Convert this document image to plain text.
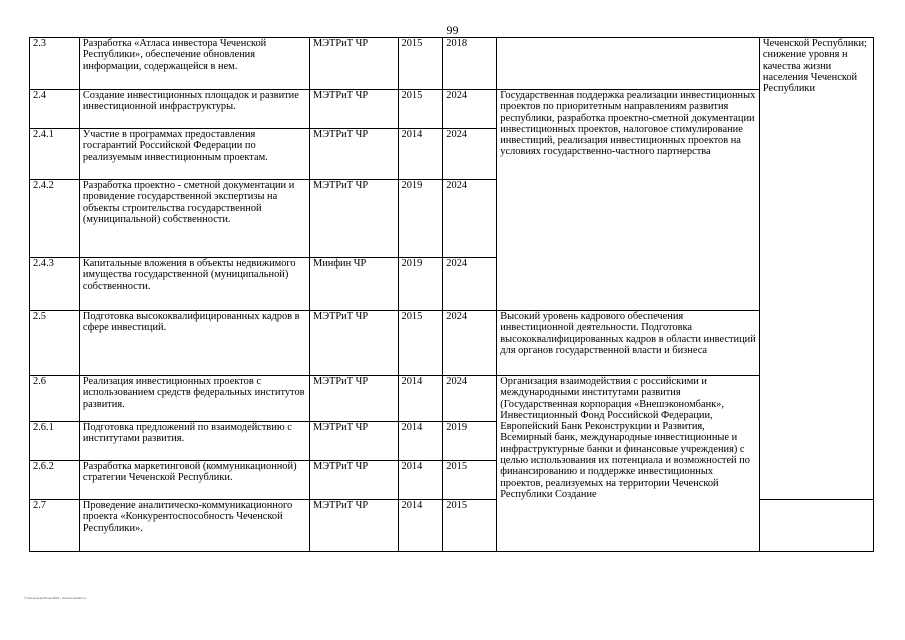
99
2.3	Разработка «Атласа инвестора Чеченской Республики», обеспечение обновления информации, содержащейся в нем.	МЭТРиТ ЧР	2015	2018		Чеченской Республики; снижение уровня н качества жизни населения Чеченской Республики
2.4	Создание инвестиционных площадок и развитие инвестиционной инфраструктуры.	МЭТРиТ ЧР	2015	2024	Государственная поддержка реализации инвестиционных проектов по приоритетным направлениям развития республики, разработка проектно-сметной документации инвестиционных проектов, налоговое стимулирование инвестиций, реализация инвестиционных проектов на условиях государственно-частного партнерства	
2.4.1	Участие в программах предоставления госгарантий Российской Федерации по реализуемым инвестиционным проектам.	МЭТРиТ ЧР	2014	2024		
2.4.2	Разработка проектно - сметной документации и провидение государственной экспертизы на объекты строительства государственной (муниципальной) собственности.	МЭТРиТ ЧР	2019	2024		
2.4.3	Капитальные вложения в объекты недвижимого имущества государственной (муниципальной) собственности.	Минфин ЧР	2019	2024		
2.5	Подготовка высококвалифицированных кадров в сфере инвестиций.	МЭТРиТ ЧР	2015	2024	Высокий уровень кадрового обеспечения инвестиционной деятельности. Подготовка высококвалифицированных кадров в области инвестиций для органов государственной власти и бизнеса	
2.6	Реализация инвестиционных проектов с использованием средств федеральных институтов развития.	МЭТРиТ ЧР	2014	2024	Организация взаимодействия с российскими и международными институтами развития (Государственная корпорация «Внешэкономбанк», Инвестиционный Фонд Российской Федерации, Европейский Банк Реконструкции и Развития, Всемирный банк, международные инвестиционные и инфраструктурные банки и финансовые учреждения) с целью использования их потенциала и возможностей по финансированию и поддержке инвестиционных проектов, реализуемых на территории Чеченской Республики Создание	
2.6.1	Подготовка предложений по взаимодействию с институтами развития.	МЭТРиТ ЧР	2014	2019		
2.6.2	Разработка маркетинговой (коммуникационной) стратегии Чеченской Республики.	МЭТРиТ ЧР	2014	2015		
2.7	Проведение аналитическо-коммуникационного проекта «Конкурентоспособность Чеченской Республики».	МЭТРиТ ЧР	2014	2015		
© КонсультантПлюс 2019 - www.consultant.ru
